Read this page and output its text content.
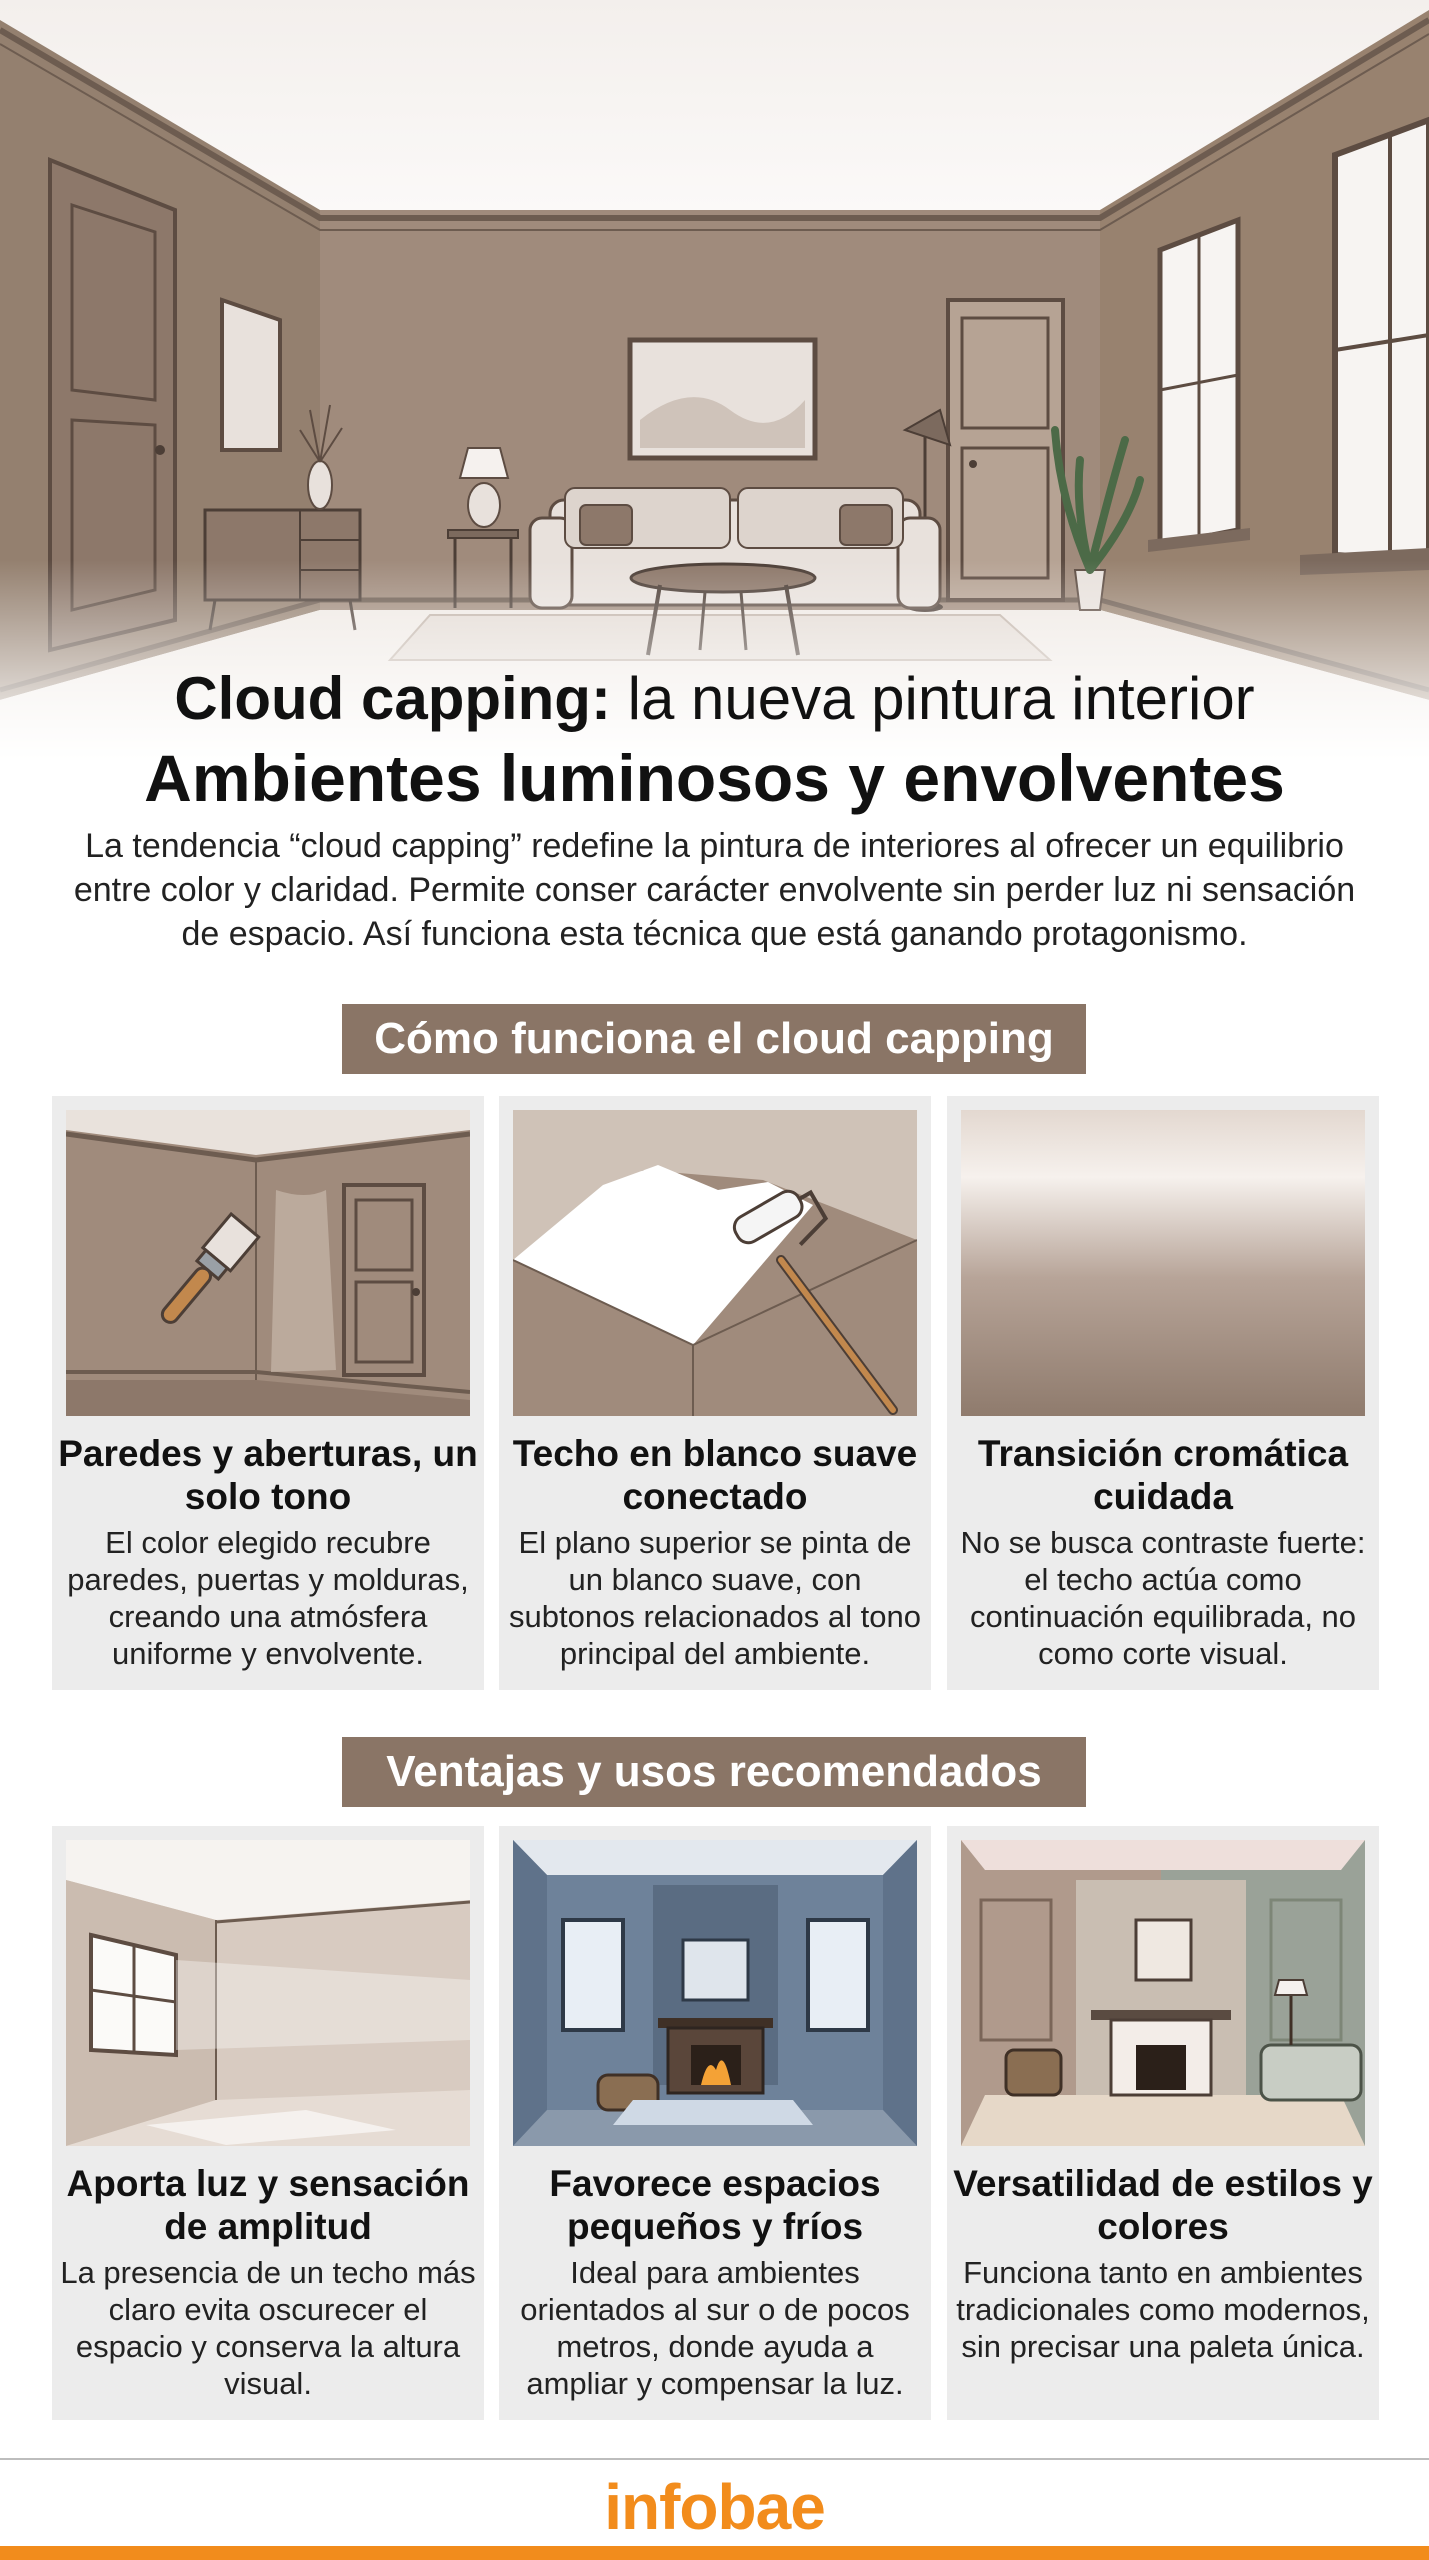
Cloud capping: la nueva pintura interior
Ambientes luminosos y envolventes

La tendencia “cloud capping” redefine la pintura de interiores al ofrecer un equilibrio entre color y claridad. Permite conser carácter envolvente sin perder luz ni sensación de espacio. Así funciona esta técnica que está ganando protagonismo.

Cómo funciona el cloud capping
Paredes y aberturas, un solo tono
El color elegido recubre paredes, puertas y molduras, creando una atmósfera uniforme y envolvente.
Techo en blanco suave conectado
El plano superior se pinta de un blanco suave, con subtonos relacionados al tono principal del ambiente.
Transición cromática cuidada
No se busca contraste fuerte: el techo actúa como continuación equilibrada, no como corte visual.
Ventajas y usos recomendados
Aporta luz y sensación de amplitud
La presencia de un techo más claro evita oscurecer el espacio y conserva la altura visual.
Favorece espacios pequeños y fríos
Ideal para ambientes orientados al sur o de pocos metros, donde ayuda a ampliar y compensar la luz.
Versatilidad de estilos y colores
Funciona tanto en ambientes tradicionales como modernos, sin precisar una paleta única.
infobae
